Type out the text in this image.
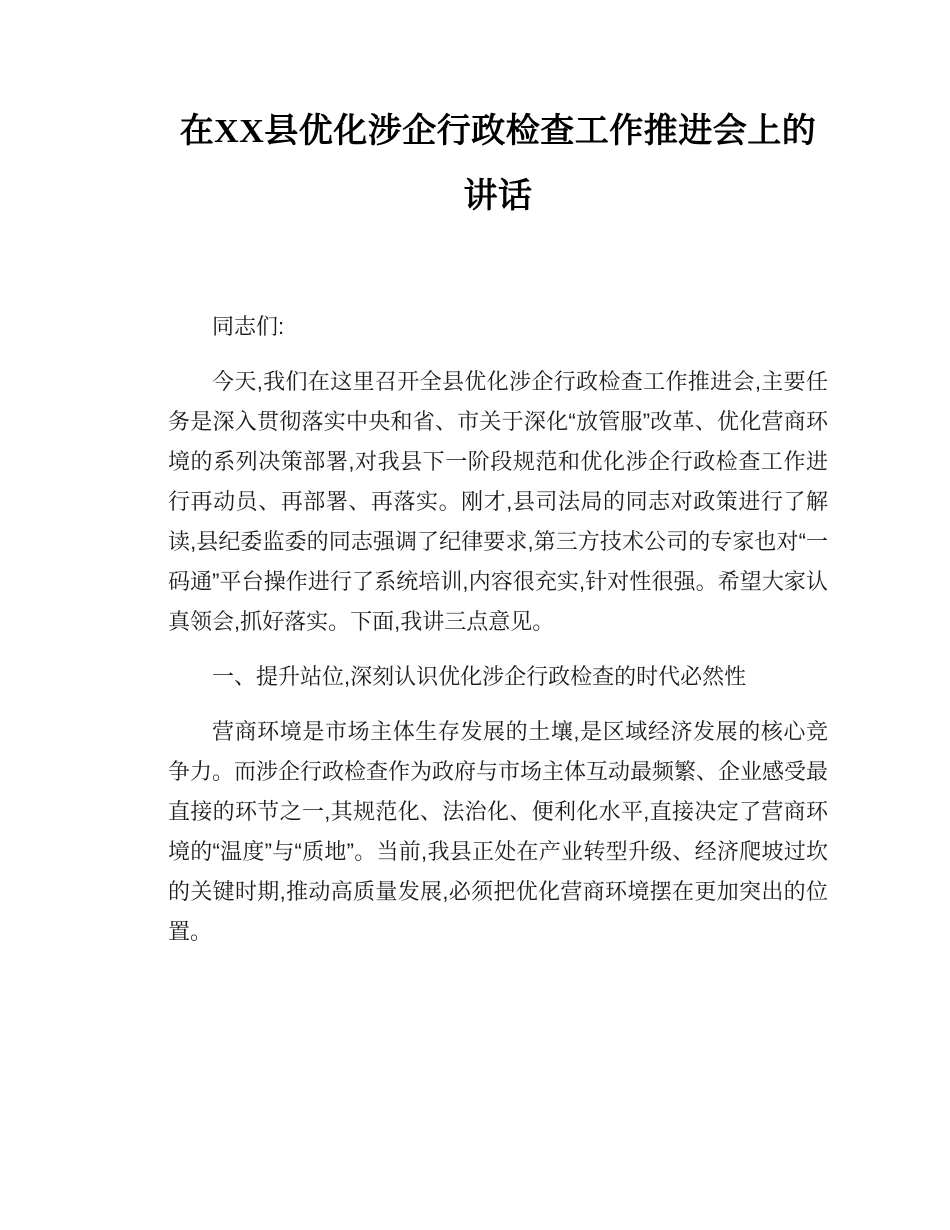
在XX县优化涉企行政检查工作推进会上的讲话

同志们:

今天,我们在这里召开全县优化涉企行政检查工作推进会,主要任务是深入贯彻落实中央和省、市关于深化“放管服”改革、优化营商环境的系列决策部署,对我县下一阶段规范和优化涉企行政检查工作进行再动员、再部署、再落实。刚才,县司法局的同志对政策进行了解读,县纪委监委的同志强调了纪律要求,第三方技术公司的专家也对“一码通”平台操作进行了系统培训,内容很充实,针对性很强。希望大家认真领会,抓好落实。下面,我讲三点意见。

一、提升站位,深刻认识优化涉企行政检查的时代必然性

营商环境是市场主体生存发展的土壤,是区域经济发展的核心竞争力。而涉企行政检查作为政府与市场主体互动最频繁、企业感受最直接的环节之一,其规范化、法治化、便利化水平,直接决定了营商环境的“温度”与“质地”。当前,我县正处在产业转型升级、经济爬坡过坎的关键时期,推动高质量发展,必须把优化营商环境摆在更加突出的位置。
